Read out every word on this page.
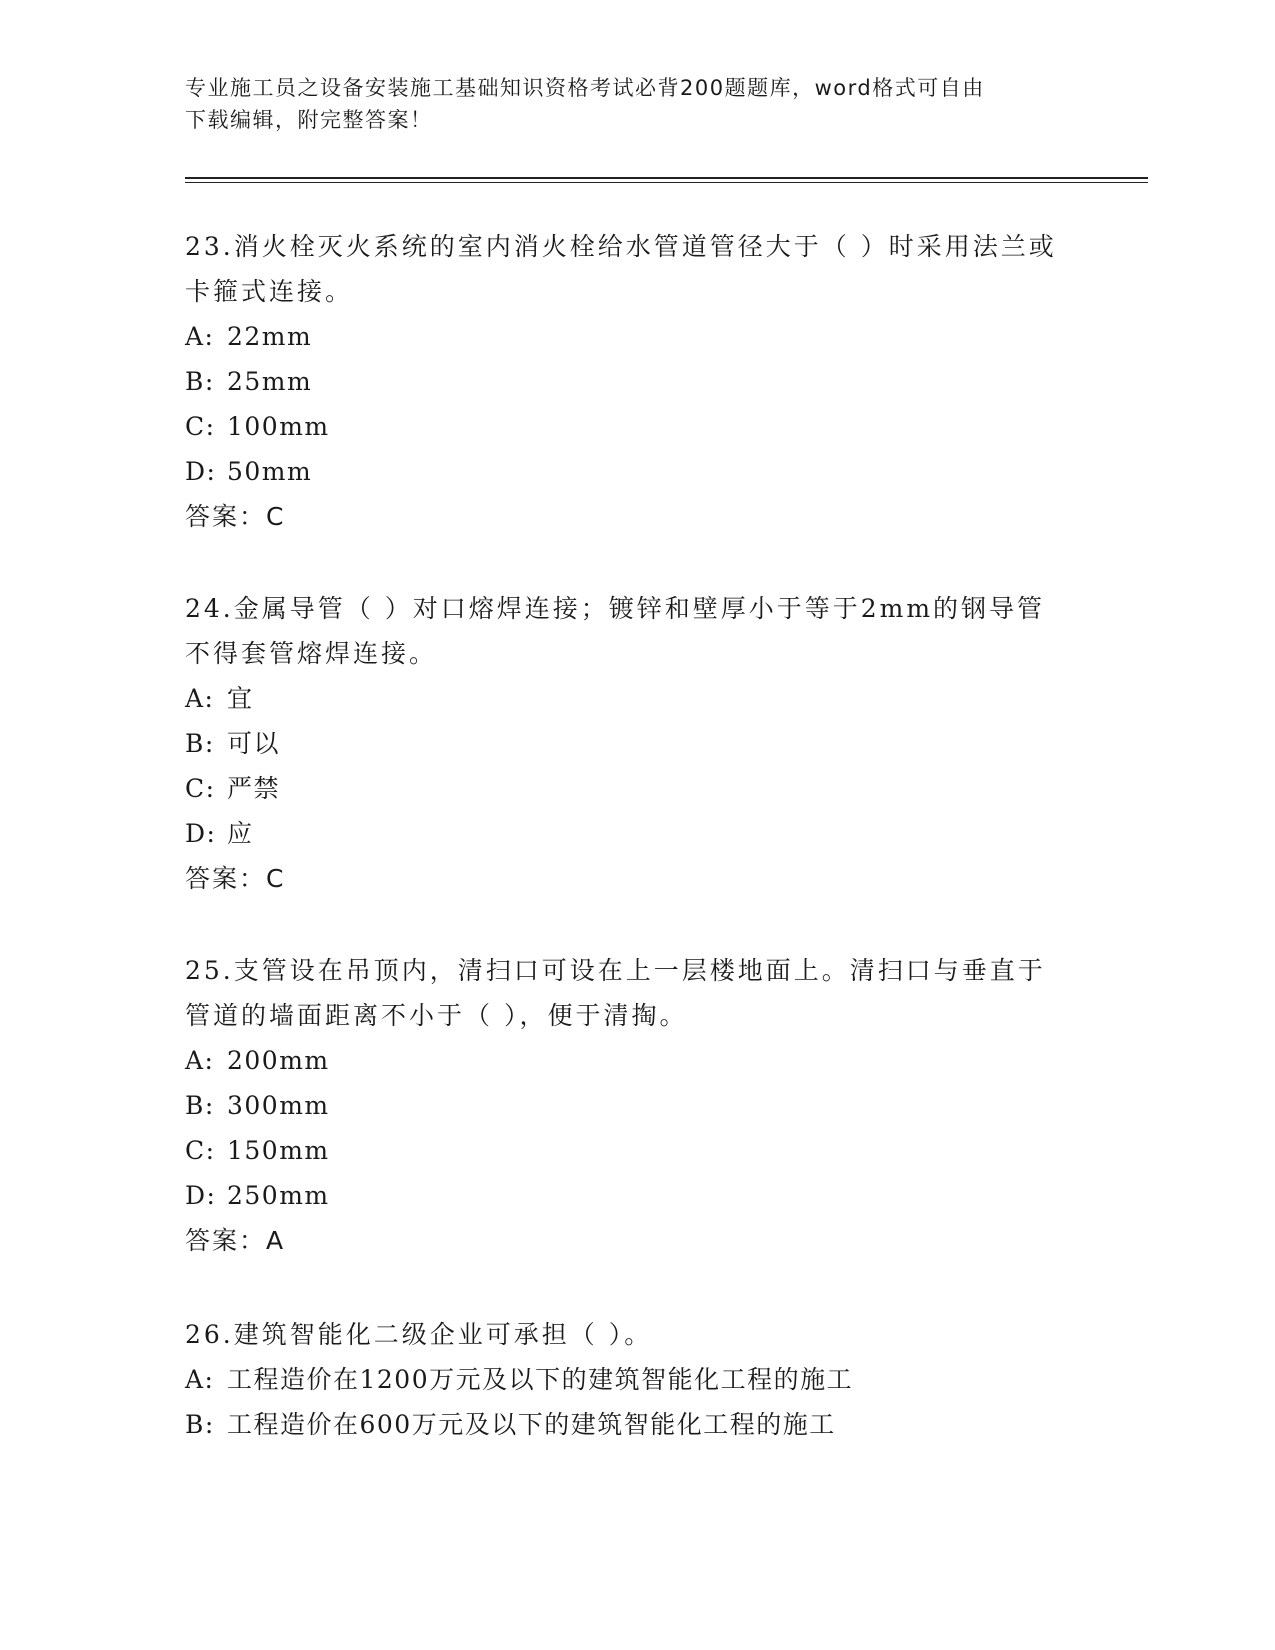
专业施工员之设备安装施工基础知识资格考试必背200题题库，word格式可自由
下载编辑，附完整答案！
23.消火栓灭火系统的室内消火栓给水管道管径大于（ ）时采用法兰或卡箍式连接。
A: 22mm
B: 25mm
C: 100mm
D: 50mm
答案：C
24.金属导管（ ）对口熔焊连接；镀锌和壁厚小于等于2mm的钢导管不得套管熔焊连接。
A: 宜
B: 可以
C: 严禁
D: 应
答案：C
25.支管设在吊顶内，清扫口可设在上一层楼地面上。清扫口与垂直于管道的墙面距离不小于（ ），便于清掏。
A: 200mm
B: 300mm
C: 150mm
D: 250mm
答案：A
26.建筑智能化二级企业可承担（ ）。
A: 工程造价在1200万元及以下的建筑智能化工程的施工
B: 工程造价在600万元及以下的建筑智能化工程的施工
